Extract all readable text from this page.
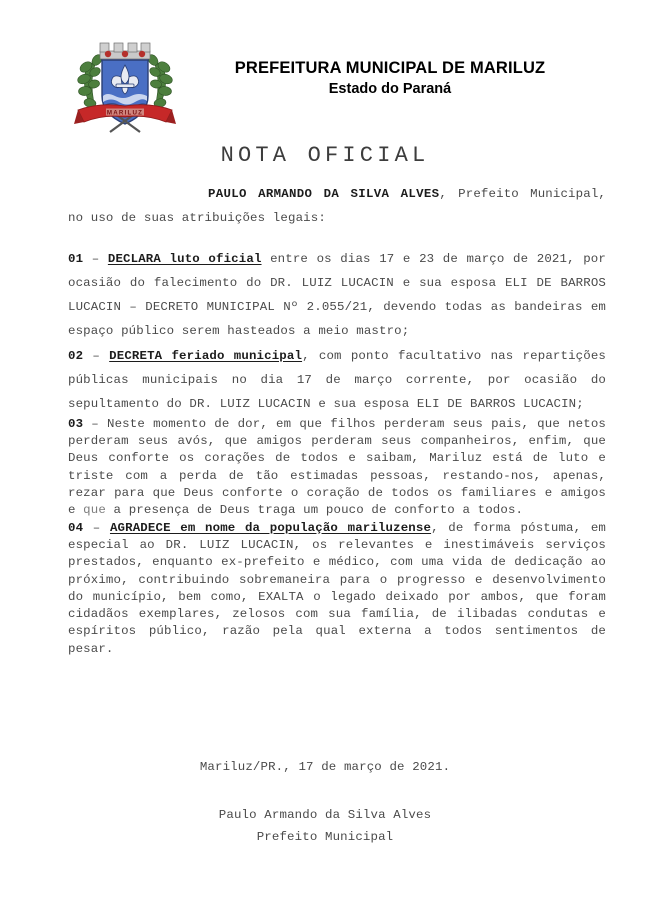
MARILUZ
PREFEITURA MUNICIPAL DE MARILUZ
Estado do Paraná
NOTA OFICIAL

PAULO ARMANDO DA SILVA ALVES, Prefeito Municipal, no uso de suas atribuições legais:

01 – DECLARA luto oficial entre os dias 17 e 23 de março de 2021, por ocasião do falecimento do DR. LUIZ LUCACIN e sua esposa ELI DE BARROS LUCACIN – DECRETO MUNICIPAL Nº 2.055/21, devendo todas as bandeiras em espaço público serem hasteados a meio mastro;

02 – DECRETA feriado municipal, com ponto facultativo nas repartições públicas municipais no dia 17 de março corrente, por ocasião do sepultamento do DR. LUIZ LUCACIN e sua esposa ELI DE BARROS LUCACIN;

03 – Neste momento de dor, em que filhos perderam seus pais, que netos perderam seus avós, que amigos perderam seus companheiros, enfim, que Deus conforte os corações de todos e saibam, Mariluz está de luto e triste com a perda de tão estimadas pessoas, restando-nos, apenas, rezar para que Deus conforte o coração de todos os familiares e amigos e que a presença de Deus traga um pouco de conforto a todos.

04 – AGRADECE em nome da população mariluzense, de forma póstuma, em especial ao DR. LUIZ LUCACIN, os relevantes e inestimáveis serviços prestados, enquanto ex-prefeito e médico, com uma vida de dedicação ao próximo, contribuindo sobremaneira para o progresso e desenvolvimento do município, bem como, EXALTA o legado deixado por ambos, que foram cidadãos exemplares, zelosos com sua família, de ilibadas condutas e espíritos público, razão pela qual externa a todos sentimentos de pesar.

Mariluz/PR., 17 de março de 2021.
Paulo Armando da Silva Alves
Prefeito Municipal
